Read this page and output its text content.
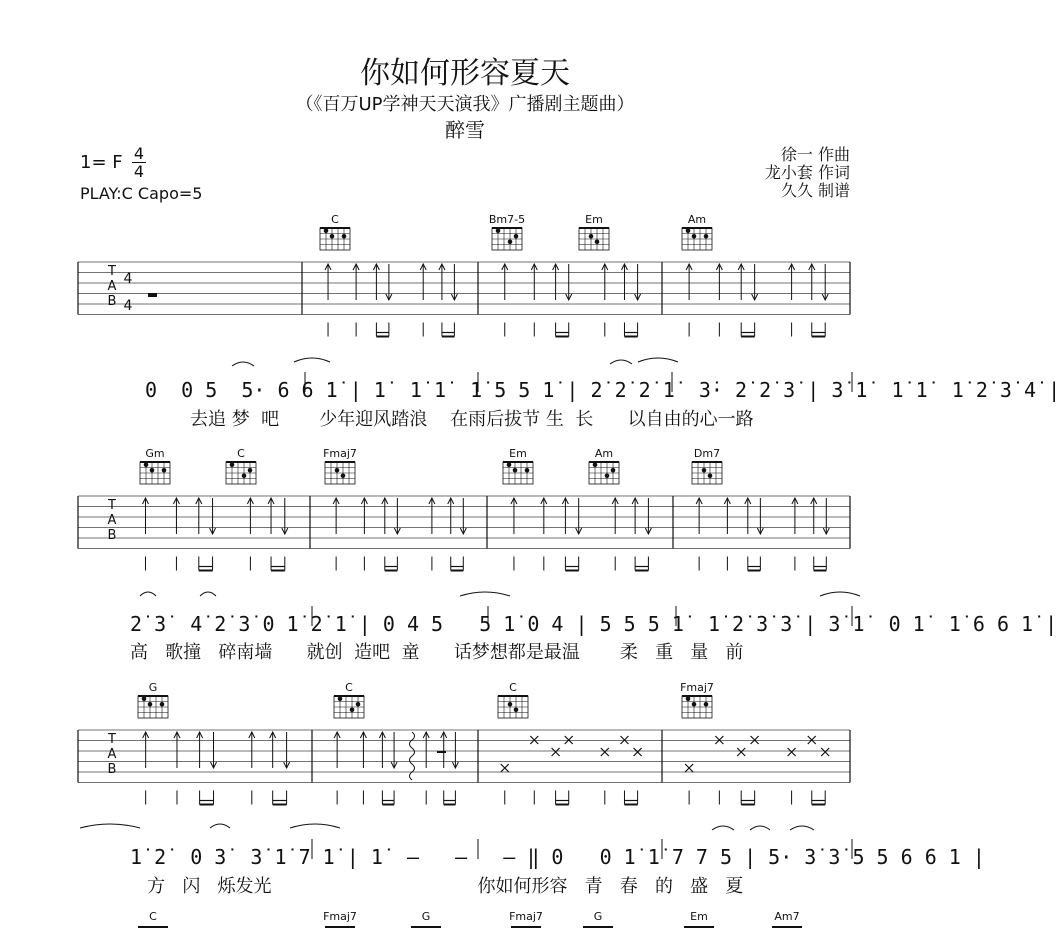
你如何形容夏天
（《百万UP学神天天演我》广播剧主题曲）
醉雪
1= F 4
4
PLAY:C Capo=5
徐一 作曲
龙小套 作词
久久 制谱
0  0 5  5· 6 6 1̇ | 1̇  1̇ 1̇  1̇ 5 5 1̇ | 2̇ 2̇ 2̇ 1̇  3̇· 2̇ 2̇ 3̇ | 3̇ 1̇  1̇ 1̇  1̇ 2̇ 3̇ 4̇ |
去追 梦  吧       少年迎风踏浪    在雨后拔节 生  长      以自由的心一路
2̇ 3̇  4̇ 2̇ 3̇ 0 1̇ 2̇ 1̇ | 0 4 5   5 1̇ 0 4 | 5 5 5 1̇  1̇ 2̇ 3̇ 3̇ | 3̇ 1̇  0 1̇  1̇ 6 6 1̇ |
高   歌撞   碎南墙      就创  造吧  童      话梦想都是最温       柔   重   量   前
1̇ 2̇  0 3̇  3̇ 1̇ 7 1̇ | 1̇  –   –   – ‖ 0   0 1̇ 1̇ 7 7 5 | 5· 3̇ 3̇ 5 5 6 6 1 |
方   闪   烁发光                                    你如何形容   青   春   的   盛   夏
T
A
B
4
4
C	Bm7-5	Em	Am
T
A
B
Gm	C	Fmaj7	Em	Am	Dm7
T
A
B
G	C	C	Fmaj7
C	Fmaj7	G	Fmaj7	G	Em	Am7
